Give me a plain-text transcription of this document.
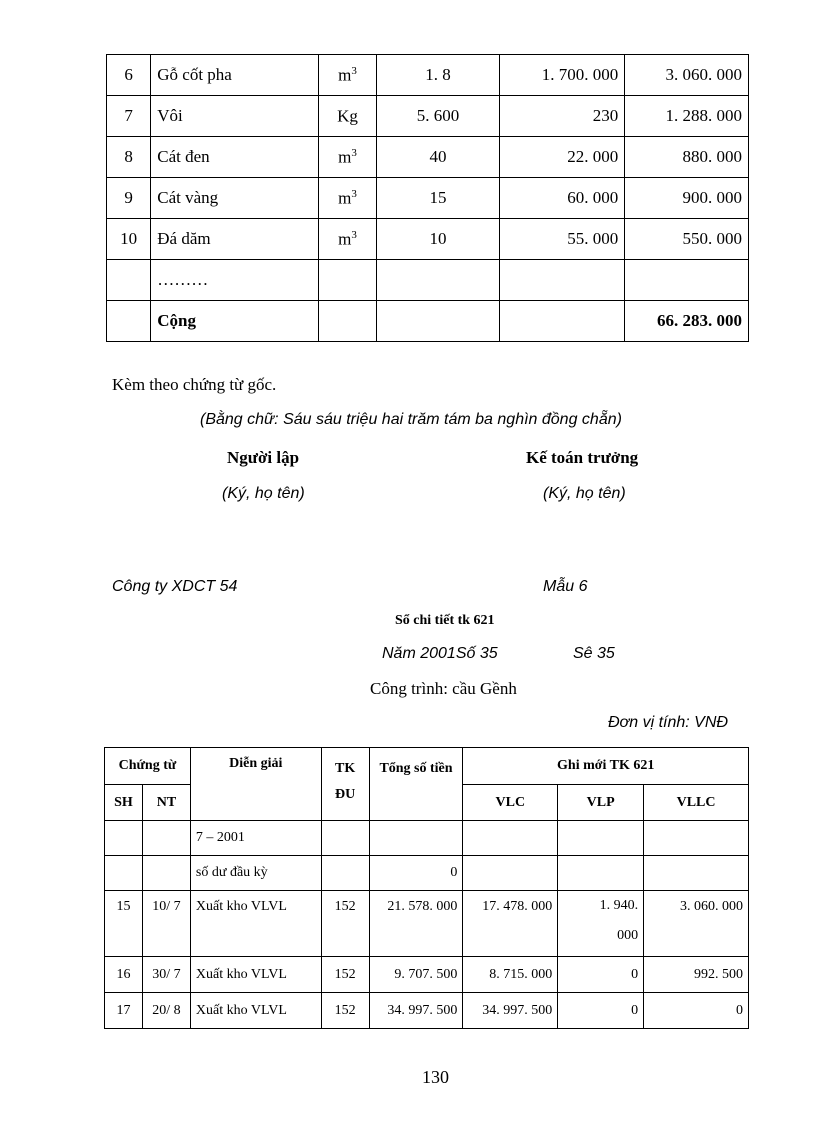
6	Gỗ cốt pha	$m^3$	1. 8	1. 700. 000	3. 060. 000
7	Vôi	Kg	5. 600	230	1. 288. 000
8	Cát đen	$m^3$	40	22. 000	880. 000
9	Cát vàng	$m^3$	15	60. 000	900. 000
10	Đá dăm	$m^3$	10	55. 000	550. 000
	………				
	Cộng				66. 283. 000
Kèm theo chứng từ gốc.
(Bằng chữ: Sáu sáu triệu hai trăm tám ba nghìn đồng chẵn)
Người lập
(Ký, họ tên)
Kế toán trưởng
(Ký, họ tên)
Công ty XDCT 54	Mẫu 6
Sổ chi tiết tk 621
Năm 2001Số 35	Sê 35
Công trình: cầu Gềnh
Đơn vị tính: VNĐ
Chứng từ		Diễn giải	TK ĐU	Tổng số tiền	Ghi mới TK 621		
SH	NT				VLC	VLP	VLLC
		7 – 2001					
		số dư đầu kỳ		0			
15	10/ 7	Xuất kho VLVL	152	21. 578. 000	17. 478. 000	1. 940. 000	3. 060. 000
16	30/ 7	Xuất kho VLVL	152	9. 707. 500	8. 715. 000	0	992. 500
17	20/ 8	Xuất kho VLVL	152	34. 997. 500	34. 997. 500	0	0
130
